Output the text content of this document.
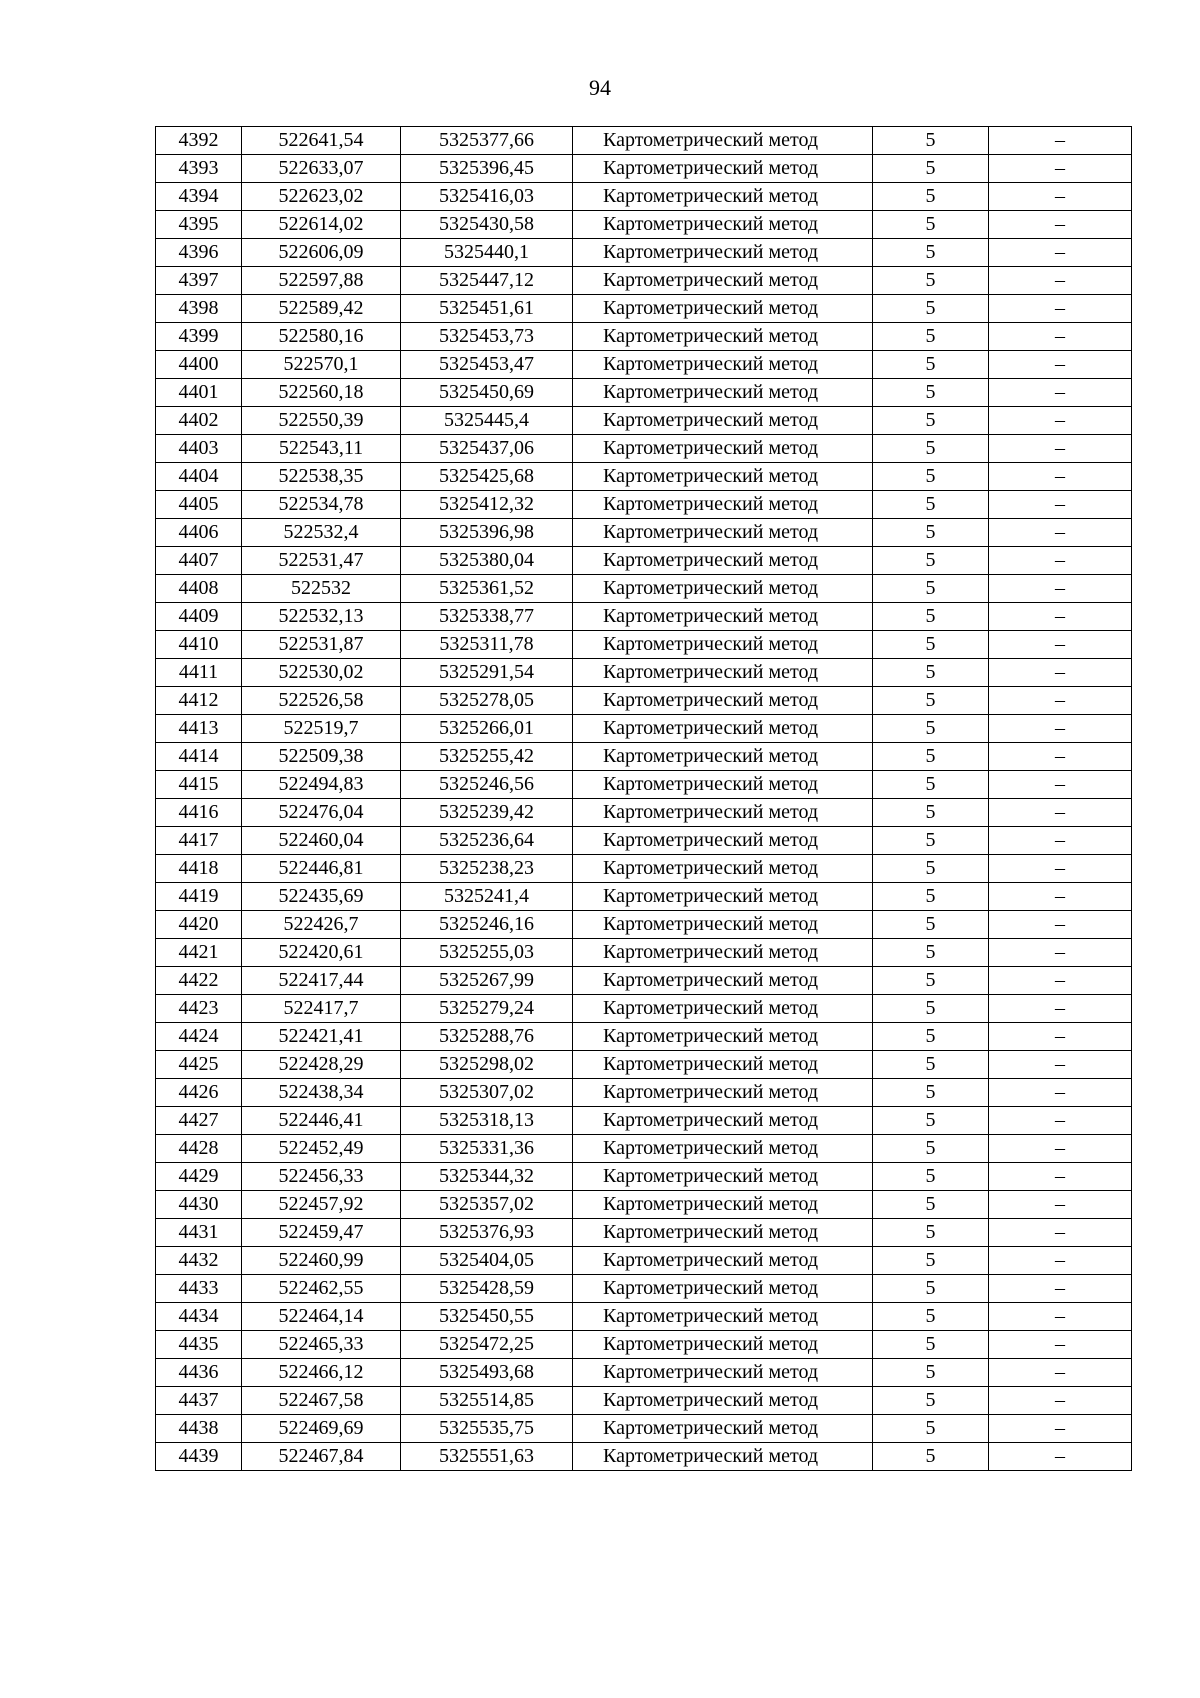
94
4392	522641,54	5325377,66	Картометрический метод	5	–
4393	522633,07	5325396,45	Картометрический метод	5	–
4394	522623,02	5325416,03	Картометрический метод	5	–
4395	522614,02	5325430,58	Картометрический метод	5	–
4396	522606,09	5325440,1	Картометрический метод	5	–
4397	522597,88	5325447,12	Картометрический метод	5	–
4398	522589,42	5325451,61	Картометрический метод	5	–
4399	522580,16	5325453,73	Картометрический метод	5	–
4400	522570,1	5325453,47	Картометрический метод	5	–
4401	522560,18	5325450,69	Картометрический метод	5	–
4402	522550,39	5325445,4	Картометрический метод	5	–
4403	522543,11	5325437,06	Картометрический метод	5	–
4404	522538,35	5325425,68	Картометрический метод	5	–
4405	522534,78	5325412,32	Картометрический метод	5	–
4406	522532,4	5325396,98	Картометрический метод	5	–
4407	522531,47	5325380,04	Картометрический метод	5	–
4408	522532	5325361,52	Картометрический метод	5	–
4409	522532,13	5325338,77	Картометрический метод	5	–
4410	522531,87	5325311,78	Картометрический метод	5	–
4411	522530,02	5325291,54	Картометрический метод	5	–
4412	522526,58	5325278,05	Картометрический метод	5	–
4413	522519,7	5325266,01	Картометрический метод	5	–
4414	522509,38	5325255,42	Картометрический метод	5	–
4415	522494,83	5325246,56	Картометрический метод	5	–
4416	522476,04	5325239,42	Картометрический метод	5	–
4417	522460,04	5325236,64	Картометрический метод	5	–
4418	522446,81	5325238,23	Картометрический метод	5	–
4419	522435,69	5325241,4	Картометрический метод	5	–
4420	522426,7	5325246,16	Картометрический метод	5	–
4421	522420,61	5325255,03	Картометрический метод	5	–
4422	522417,44	5325267,99	Картометрический метод	5	–
4423	522417,7	5325279,24	Картометрический метод	5	–
4424	522421,41	5325288,76	Картометрический метод	5	–
4425	522428,29	5325298,02	Картометрический метод	5	–
4426	522438,34	5325307,02	Картометрический метод	5	–
4427	522446,41	5325318,13	Картометрический метод	5	–
4428	522452,49	5325331,36	Картометрический метод	5	–
4429	522456,33	5325344,32	Картометрический метод	5	–
4430	522457,92	5325357,02	Картометрический метод	5	–
4431	522459,47	5325376,93	Картометрический метод	5	–
4432	522460,99	5325404,05	Картометрический метод	5	–
4433	522462,55	5325428,59	Картометрический метод	5	–
4434	522464,14	5325450,55	Картометрический метод	5	–
4435	522465,33	5325472,25	Картометрический метод	5	–
4436	522466,12	5325493,68	Картометрический метод	5	–
4437	522467,58	5325514,85	Картометрический метод	5	–
4438	522469,69	5325535,75	Картометрический метод	5	–
4439	522467,84	5325551,63	Картометрический метод	5	–
